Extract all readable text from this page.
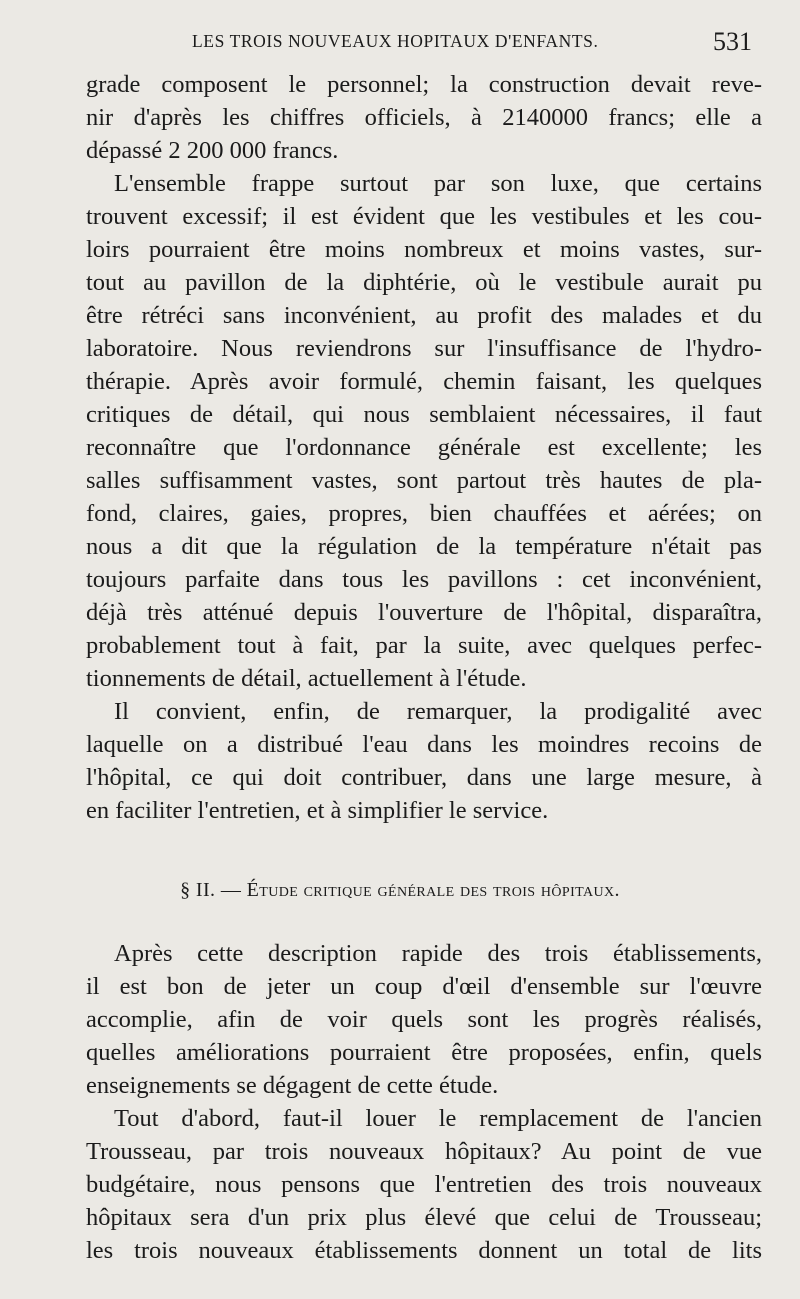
LES TROIS NOUVEAUX HOPITAUX D'ENFANTS.	531

grade composent le personnel; la construction devait reve-
nir d'après les chiffres officiels, à 2140000 francs; elle a
dépassé 2 200 000 francs.

L'ensemble frappe surtout par son luxe, que certains
trouvent excessif; il est évident que les vestibules et les cou-
loirs pourraient être moins nombreux et moins vastes, sur-
tout au pavillon de la diphtérie, où le vestibule aurait pu
être rétréci sans inconvénient, au profit des malades et du
laboratoire. Nous reviendrons sur l'insuffisance de l'hydro-
thérapie. Après avoir formulé, chemin faisant, les quelques
critiques de détail, qui nous semblaient nécessaires, il faut
reconnaître que l'ordonnance générale est excellente; les
salles suffisamment vastes, sont partout très hautes de pla-
fond, claires, gaies, propres, bien chauffées et aérées; on
nous a dit que la régulation de la température n'était pas
toujours parfaite dans tous les pavillons : cet inconvénient,
déjà très atténué depuis l'ouverture de l'hôpital, disparaîtra,
probablement tout à fait, par la suite, avec quelques perfec-
tionnements de détail, actuellement à l'étude.

Il convient, enfin, de remarquer, la prodigalité avec
laquelle on a distribué l'eau dans les moindres recoins de
l'hôpital, ce qui doit contribuer, dans une large mesure, à
en faciliter l'entretien, et à simplifier le service.

§ II. — Étude critique générale des trois hôpitaux.

Après cette description rapide des trois établissements,
il est bon de jeter un coup d'œil d'ensemble sur l'œuvre
accomplie, afin de voir quels sont les progrès réalisés,
quelles améliorations pourraient être proposées, enfin, quels
enseignements se dégagent de cette étude.

Tout d'abord, faut-il louer le remplacement de l'ancien
Trousseau, par trois nouveaux hôpitaux? Au point de vue
budgétaire, nous pensons que l'entretien des trois nouveaux
hôpitaux sera d'un prix plus élevé que celui de Trousseau;
les trois nouveaux établissements donnent un total de lits
